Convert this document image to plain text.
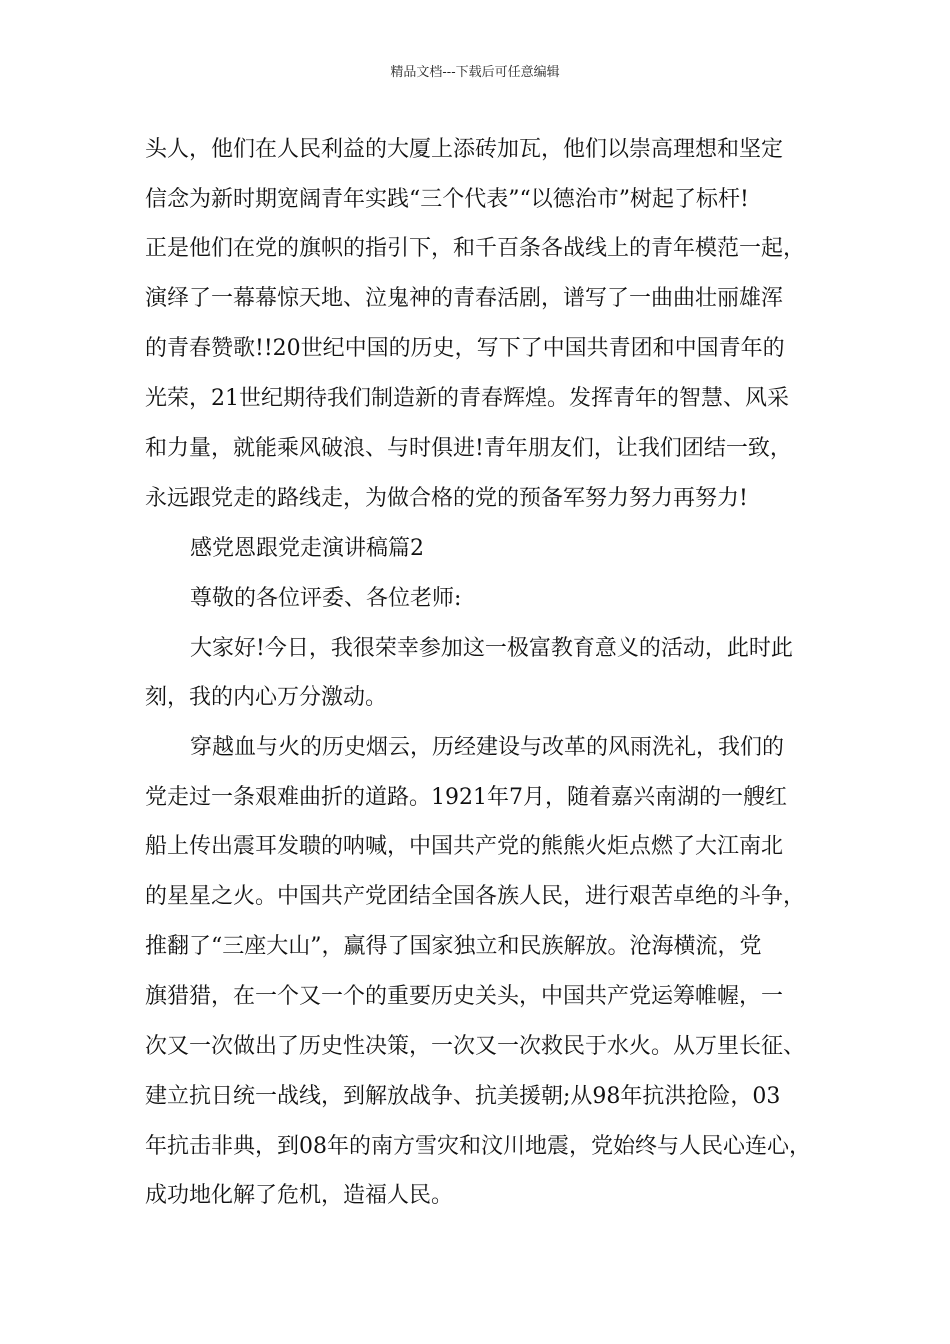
精品文档---下载后可任意编辑
头人，他们在人民利益的大厦上添砖加瓦，他们以崇高理想和坚定
信念为新时期宽阔青年实践“三个代表”“以德治市”树起了标杆!
正是他们在党的旗帜的指引下，和千百条各战线上的青年模范一起，
演绎了一幕幕惊天地、泣鬼神的青春活剧，谱写了一曲曲壮丽雄浑
的青春赞歌!!20世纪中国的历史，写下了中国共青团和中国青年的
光荣，21世纪期待我们制造新的青春辉煌。发挥青年的智慧、风采
和力量，就能乘风破浪、与时俱进!青年朋友们，让我们团结一致，
永远跟党走的路线走，为做合格的党的预备军努力努力再努力!
感党恩跟党走演讲稿篇2
尊敬的各位评委、各位老师:
大家好!今日，我很荣幸参加这一极富教育意义的活动，此时此
刻，我的内心万分激动。
穿越血与火的历史烟云，历经建设与改革的风雨洗礼，我们的
党走过一条艰难曲折的道路。1921年7月，随着嘉兴南湖的一艘红
船上传出震耳发聩的呐喊，中国共产党的熊熊火炬点燃了大江南北
的星星之火。中国共产党团结全国各族人民，进行艰苦卓绝的斗争，
推翻了“三座大山”，赢得了国家独立和民族解放。沧海横流，党
旗猎猎，在一个又一个的重要历史关头，中国共产党运筹帷幄，一
次又一次做出了历史性决策，一次又一次救民于水火。从万里长征、
建立抗日统一战线，到解放战争、抗美援朝;从98年抗洪抢险，03
年抗击非典，到08年的南方雪灾和汶川地震，党始终与人民心连心，
成功地化解了危机，造福人民。
